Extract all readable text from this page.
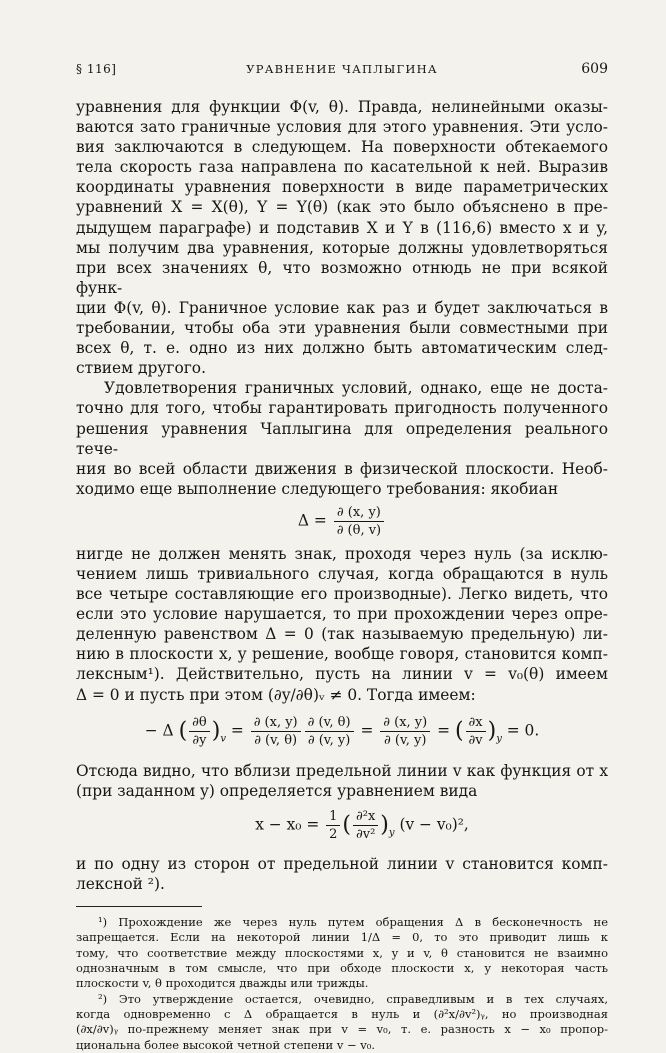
§ 116]	УРАВНЕНИЕ ЧАПЛЫГИНА	609

уравнения для функции Φ(v, θ). Правда, нелинейными оказы-
ваются зато граничные условия для этого уравнения. Эти усло-
вия заключаются в следующем. На поверхности обтекаемого
тела скорость газа направлена по касательной к ней. Выразив
координаты уравнения поверхности в виде параметрических
уравнений X = X(θ), Y = Y(θ) (как это было объяснено в пре-
дыдущем параграфе) и подставив X и Y в (116,6) вместо x и y,
мы получим два уравнения, которые должны удовлетворяться
при всех значениях θ, что возможно отнюдь не при всякой функ-
ции Φ(v, θ). Граничное условие как раз и будет заключаться в
требовании, чтобы оба эти уравнения были совместными при
всех θ, т. е. одно из них должно быть автоматическим след-
ствием другого.

Удовлетворения граничных условий, однако, еще не доста-
точно для того, чтобы гарантировать пригодность полученного
решения уравнения Чаплыгина для определения реального тече-
ния во всей области движения в физической плоскости. Необ-
ходимо еще выполнение следующего требования: якобиан

$\Delta = \frac{\partial (x, y)}{\partial (\theta, v)}$

нигде не должен менять знак, проходя через нуль (за исклю-
чением лишь тривиального случая, когда обращаются в нуль
все четыре составляющие его производные). Легко видеть, что
если это условие нарушается, то при прохождении через опре-
деленную равенством Δ = 0 (так называемую предельную) ли-
нию в плоскости x, y решение, вообще говоря, становится комп-
лексным¹). Действительно, пусть на линии v = v₀(θ) имеем
Δ = 0 и пусть при этом (∂y/∂θ)ᵥ ≠ 0. Тогда имеем:

− Δ ( $\frac{\partial\theta}{\partial y} )_v = \frac{\partial (x, y)}{\partial (v, \theta)} \frac{\partial (v, \theta)}{\partial (v, y)} = \frac{\partial (x, y)}{\partial (v, y)}$ = ( $\frac{\partial x}{\partial v} )_y = 0$.

Отсюда видно, что вблизи предельной линии v как функция от x
(при заданном y) определяется уравнением вида

$x - x_0 = \frac{1}{2}$ ( $\frac{\text{∂²x}}{\text{∂v²}} )_y$ (v − v₀)²,

и по одну из сторон от предельной линии v становится комп-
лексной ²).

¹) Прохождение же через нуль путем обращения Δ в бесконечность не
запрещается. Если на некоторой линии 1/Δ = 0, то это приводит лишь к
тому, что соответствие между плоскостями x, y и v, θ становится не взаимно
однозначным в том смысле, что при обходе плоскости x, y некоторая часть
плоскости v, θ проходится дважды или трижды.

²) Это утверждение остается, очевидно, справедливым и в тех случаях,
когда одновременно с Δ обращается в нуль и (∂²x/∂v²)ᵧ, но производная
(∂x/∂v)ᵧ по-прежнему меняет знак при v = v₀, т. е. разность x − x₀ пропор-
циональна более высокой четной степени v − v₀.
